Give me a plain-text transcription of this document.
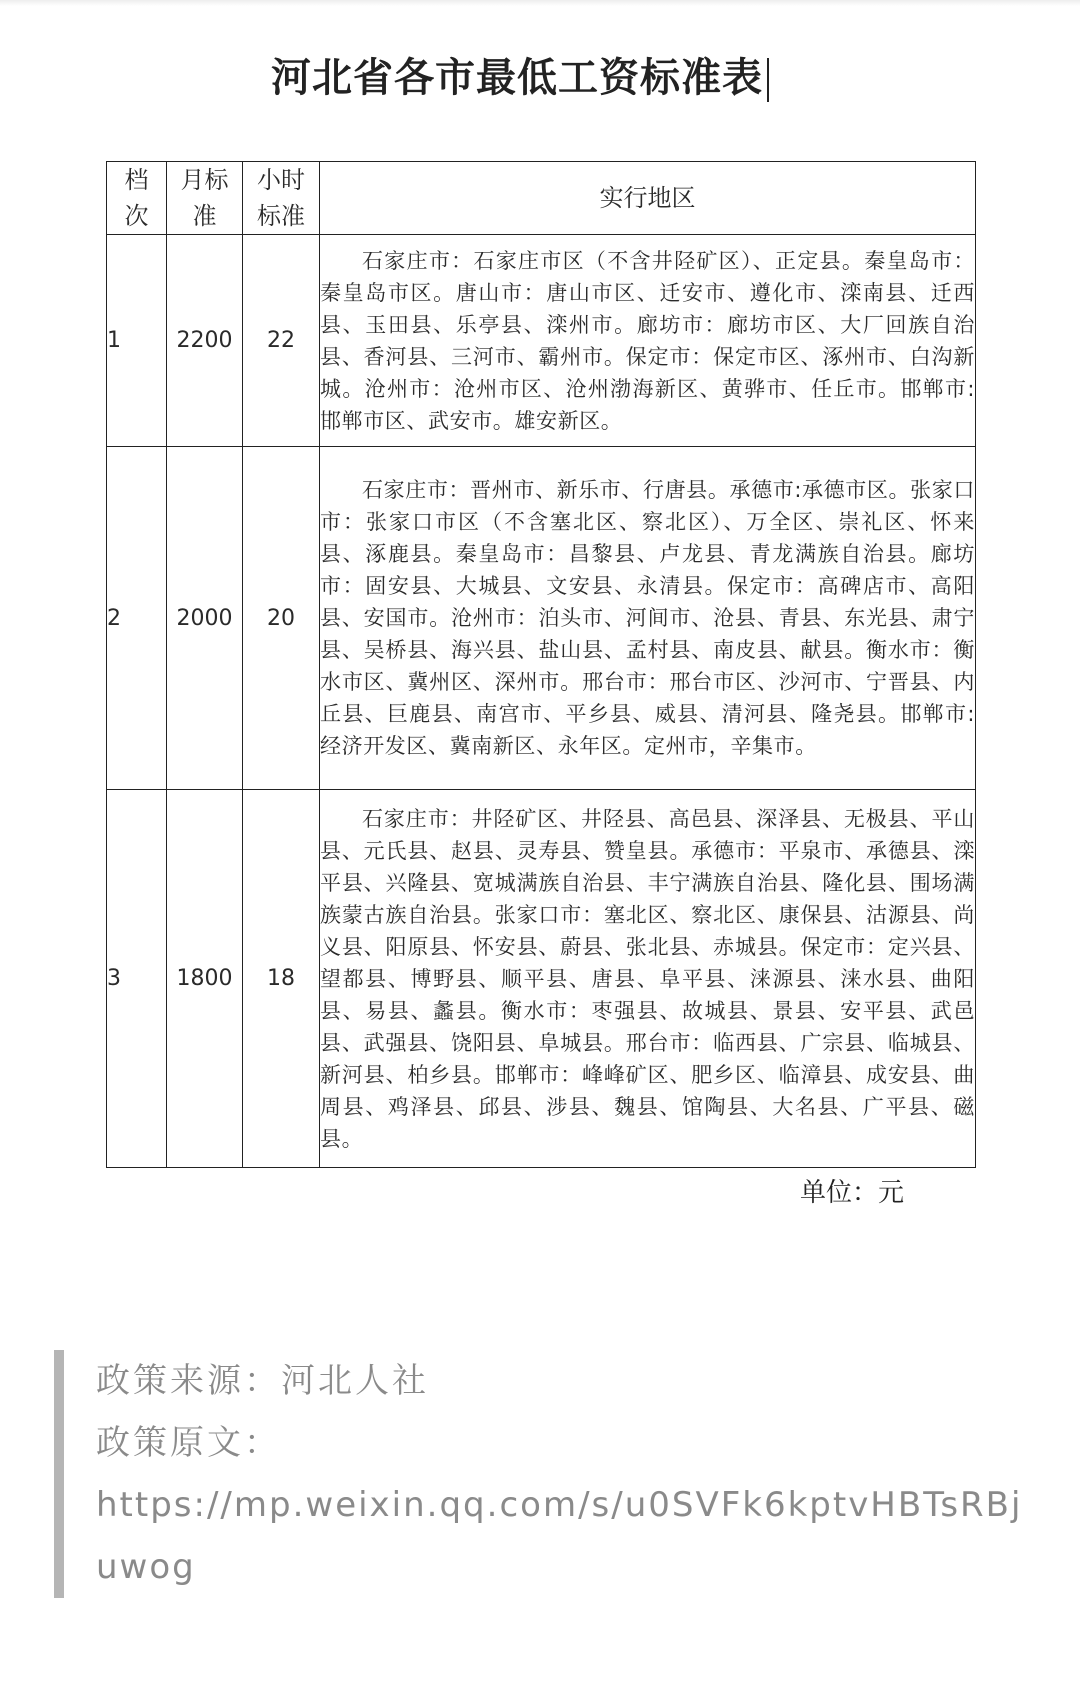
河北省各市最低工资标准表
档次	月标准	小时标准	实行地区
1	2200	22	石家庄市：石家庄市区（不含井陉矿区）、正定县。秦皇岛市：秦皇岛市区。唐山市：唐山市区、迁安市、遵化市、滦南县、迁西县、玉田县、乐亭县、滦州市。廊坊市：廊坊市区、大厂回族自治县、香河县、三河市、霸州市。保定市：保定市区、涿州市、白沟新城。沧州市：沧州市区、沧州渤海新区、黄骅市、任丘市。邯郸市:邯郸市区、武安市。雄安新区。

2	2000	20	石家庄市：晋州市、新乐市、行唐县。承德市:承德市区。张家口市：张家口市区（不含塞北区、察北区）、万全区、崇礼区、怀来县、涿鹿县。秦皇岛市：昌黎县、卢龙县、青龙满族自治县。廊坊市：固安县、大城县、文安县、永清县。保定市：高碑店市、高阳县、安国市。沧州市：泊头市、河间市、沧县、青县、东光县、肃宁县、吴桥县、海兴县、盐山县、孟村县、南皮县、献县。衡水市：衡水市区、冀州区、深州市。邢台市：邢台市区、沙河市、宁晋县、内丘县、巨鹿县、南宫市、平乡县、威县、清河县、隆尧县。邯郸市:经济开发区、冀南新区、永年区。定州市，辛集市。

3	1800	18	石家庄市：井陉矿区、井陉县、高邑县、深泽县、无极县、平山县、元氏县、赵县、灵寿县、赞皇县。承德市：平泉市、承德县、滦平县、兴隆县、宽城满族自治县、丰宁满族自治县、隆化县、围场满族蒙古族自治县。张家口市：塞北区、察北区、康保县、沽源县、尚义县、阳原县、怀安县、蔚县、张北县、赤城县。保定市：定兴县、望都县、博野县、顺平县、唐县、阜平县、涞源县、涞水县、曲阳县、易县、蠡县。衡水市：枣强县、故城县、景县、安平县、武邑县、武强县、饶阳县、阜城县。邢台市：临西县、广宗县、临城县、新河县、柏乡县。邯郸市：峰峰矿区、肥乡区、临漳县、成安县、曲周县、鸡泽县、邱县、涉县、魏县、馆陶县、大名县、广平县、磁县。
单位：元
政策来源：河北人社
政策原文：
https://mp.weixin.qq.com/s/u0SVFk6kptvHBTsRBjuwog
